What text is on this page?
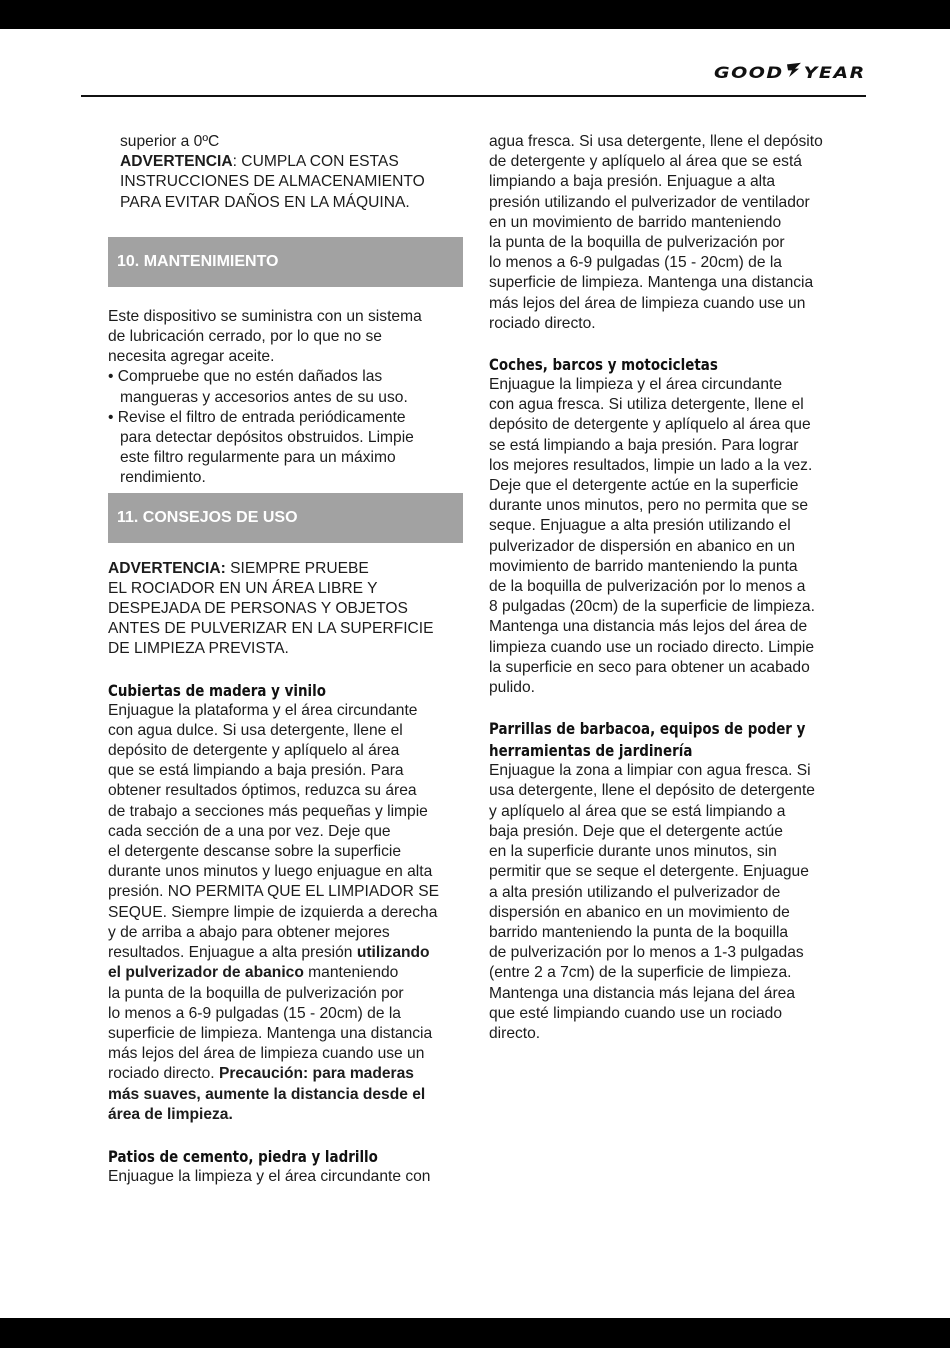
GOOD YEAR

superior a 0ºC

ADVERTENCIA: CUMPLA CON ESTAS

INSTRUCCIONES DE ALMACENAMIENTO

PARA EVITAR DAÑOS EN LA MÁQUINA.

10. MANTENIMIENTO
Este dispositivo se suministra con un sistema
de lubricación cerrado, por lo que no se
necesita agregar aceite.
• Compruebe que no estén dañados las
mangueras y accesorios antes de su uso.
• Revise el filtro de entrada periódicamente
para detectar depósitos obstruidos. Limpie
este filtro regularmente para un máximo
rendimiento.
11. CONSEJOS DE USO
ADVERTENCIA: SIEMPRE PRUEBE
EL ROCIADOR EN UN ÁREA LIBRE Y
DESPEJADA DE PERSONAS Y OBJETOS
ANTES DE PULVERIZAR EN LA SUPERFICIE
DE LIMPIEZA PREVISTA.

Cubiertas de madera y vinilo

Enjuague la plataforma y el área circundante
con agua dulce. Si usa detergente, llene el
depósito de detergente y aplíquelo al área
que se está limpiando a baja presión. Para
obtener resultados óptimos, reduzca su área
de trabajo a secciones más pequeñas y limpie
cada sección de a una por vez. Deje que
el detergente descanse sobre la superficie
durante unos minutos y luego enjuague en alta
presión. NO PERMITA QUE EL LIMPIADOR SE
SEQUE. Siempre limpie de izquierda a derecha
y de arriba a abajo para obtener mejores
resultados. Enjuague a alta presión utilizando
el pulverizador de abanico manteniendo
la punta de la boquilla de pulverización por
lo menos a 6-9 pulgadas (15 - 20cm) de la
superficie de limpieza. Mantenga una distancia
más lejos del área de limpieza cuando use un
rociado directo. Precaución: para maderas
más suaves, aumente la distancia desde el
área de limpieza.

Patios de cemento, piedra y ladrillo

Enjuague la limpieza y el área circundante con
agua fresca. Si usa detergente, llene el depósito
de detergente y aplíquelo al área que se está
limpiando a baja presión. Enjuague a alta
presión utilizando el pulverizador de ventilador
en un movimiento de barrido manteniendo
la punta de la boquilla de pulverización por
lo menos a 6-9 pulgadas (15 - 20cm) de la
superficie de limpieza. Mantenga una distancia
más lejos del área de limpieza cuando use un
rociado directo.

Coches, barcos y motocicletas

Enjuague la limpieza y el área circundante
con agua fresca. Si utiliza detergente, llene el
depósito de detergente y aplíquelo al área que
se está limpiando a baja presión. Para lograr
los mejores resultados, limpie un lado a la vez.
Deje que el detergente actúe en la superficie
durante unos minutos, pero no permita que se
seque. Enjuague a alta presión utilizando el
pulverizador de dispersión en abanico en un
movimiento de barrido manteniendo la punta
de la boquilla de pulverización por lo menos a
8 pulgadas (20cm) de la superficie de limpieza.
Mantenga una distancia más lejos del área de
limpieza cuando use un rociado directo. Limpie
la superficie en seco para obtener un acabado
pulido.

Parrillas de barbacoa, equipos de poder y

herramientas de jardinería

Enjuague la zona a limpiar con agua fresca. Si
usa detergente, llene el depósito de detergente
y aplíquelo al área que se está limpiando a
baja presión. Deje que el detergente actúe
en la superficie durante unos minutos, sin
permitir que se seque el detergente. Enjuague
a alta presión utilizando el pulverizador de
dispersión en abanico en un movimiento de
barrido manteniendo la punta de la boquilla
de pulverización por lo menos a 1-3 pulgadas
(entre 2 a 7cm) de la superficie de limpieza.
Mantenga una distancia más lejana del área
que esté limpiando cuando use un rociado
directo.
